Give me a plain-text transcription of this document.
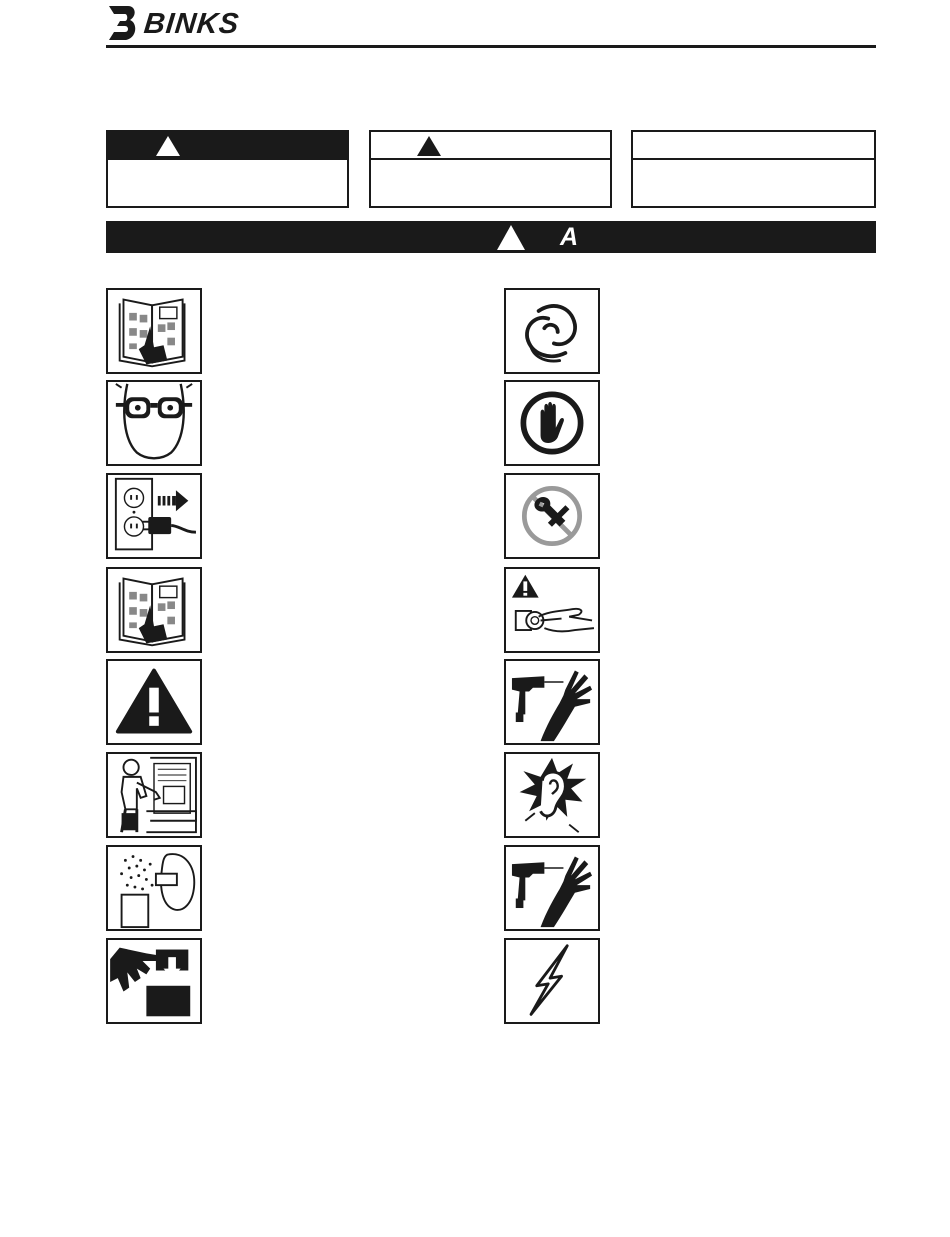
BINKS
A
